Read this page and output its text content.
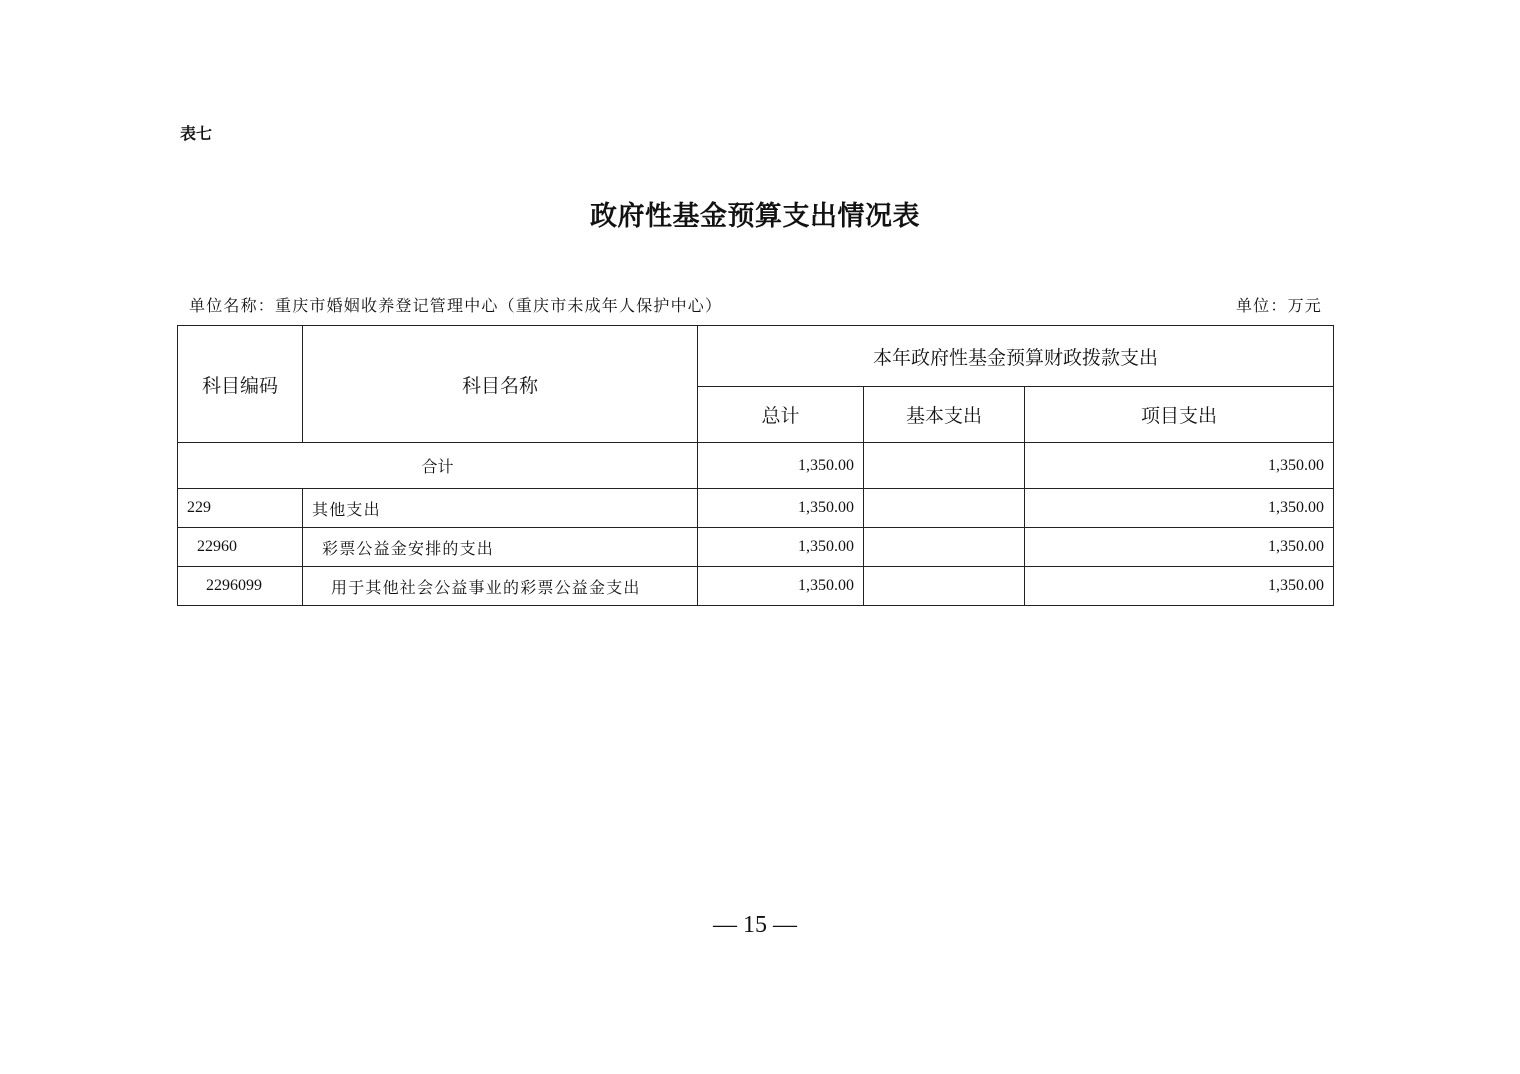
表七
政府性基金预算支出情况表
单位名称：重庆市婚姻收养登记管理中心（重庆市未成年人保护中心）	单位：万元
科目编码	科目名称	本年政府性基金预算财政拨款支出		
		总计	基本支出	项目支出
合计		1,350.00		1,350.00
229	其他支出	1,350.00		1,350.00
22960	彩票公益金安排的支出	1,350.00		1,350.00
2296099	用于其他社会公益事业的彩票公益金支出	1,350.00		1,350.00
— 15 —
